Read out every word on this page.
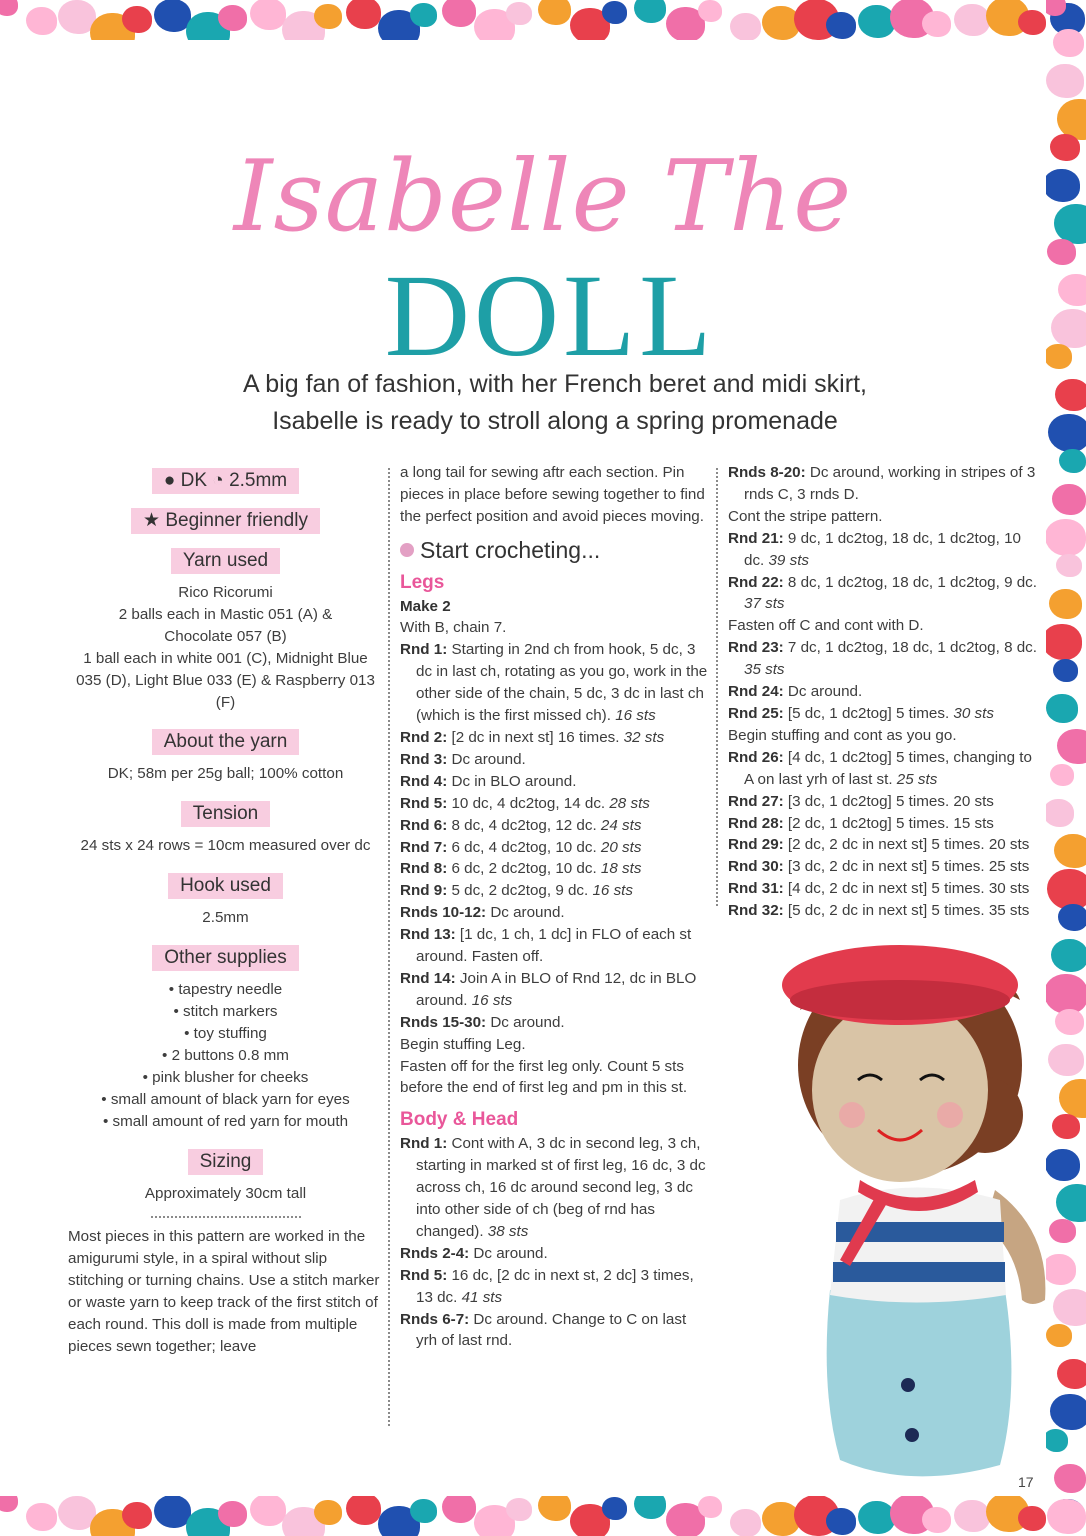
Isabelle The
DOLL
A big fan of fashion, with her French beret and midi skirt,
Isabelle is ready to stroll along a spring promenade
● DK ◔ 2.5mm
★ Beginner friendly
Yarn used
Rico Ricorumi
2 balls each in Mastic 051 (A) &
Chocolate 057 (B)
1 ball each in white 001 (C), Midnight Blue
035 (D), Light Blue 033 (E) & Raspberry 013 (F)
About the yarn
DK; 58m per 25g ball; 100% cotton
Tension
24 sts x 24 rows = 10cm measured over dc
Hook used
2.5mm
Other supplies
• tapestry needle
• stitch markers
• toy stuffing
• 2 buttons 0.8 mm
• pink blusher for cheeks
• small amount of black yarn for eyes
• small amount of red yarn for mouth
Sizing
Approximately 30cm tall
Most pieces in this pattern are worked in the amigurumi style, in a spiral without slip stitching or turning chains. Use a stitch marker or waste yarn to keep track of the first stitch of each round. This doll is made from multiple pieces sewn together; leave
a long tail for sewing aftr each section. Pin pieces in place before sewing together to find the perfect position and avoid pieces moving.
Start crocheting...
Legs
Make 2
With B, chain 7.

Rnd 1: Starting in 2nd ch from hook, 5 dc, 3 dc in last ch, rotating as you go, work in the other side of the chain, 5 dc, 3 dc in last ch (which is the first missed ch). 16 sts

Rnd 2: [2 dc in next st] 16 times. 32 sts

Rnd 3: Dc around.

Rnd 4: Dc in BLO around.

Rnd 5: 10 dc, 4 dc2tog, 14 dc. 28 sts

Rnd 6: 8 dc, 4 dc2tog, 12 dc. 24 sts

Rnd 7: 6 dc, 4 dc2tog, 10 dc. 20 sts

Rnd 8: 6 dc, 2 dc2tog, 10 dc. 18 sts

Rnd 9: 5 dc, 2 dc2tog, 9 dc. 16 sts

Rnds 10-12: Dc around.

Rnd 13: [1 dc, 1 ch, 1 dc] in FLO of each st around. Fasten off.

Rnd 14: Join A in BLO of Rnd 12, dc in BLO around. 16 sts

Rnds 15-30: Dc around.

Begin stuffing Leg.
Fasten off for the first leg only. Count 5 sts before the end of first leg and pm in this st.
Body & Head

Rnd 1: Cont with A, 3 dc in second leg, 3 ch, starting in marked st of first leg, 16 dc, 3 dc across ch, 16 dc around second leg, 3 dc into other side of ch (beg of rnd has changed). 38 sts

Rnds 2-4: Dc around.

Rnd 5: 16 dc, [2 dc in next st, 2 dc] 3 times, 13 dc. 41 sts

Rnds 6-7: Dc around. Change to C on last yrh of last rnd.

Rnds 8-20: Dc around, working in stripes of 3 rnds C, 3 rnds D.

Cont the stripe pattern.

Rnd 21: 9 dc, 1 dc2tog, 18 dc, 1 dc2tog, 10 dc. 39 sts

Rnd 22: 8 dc, 1 dc2tog, 18 dc, 1 dc2tog, 9 dc. 37 sts

Fasten off C and cont with D.

Rnd 23: 7 dc, 1 dc2tog, 18 dc, 1 dc2tog, 8 dc. 35 sts

Rnd 24: Dc around.

Rnd 25: [5 dc, 1 dc2tog] 5 times. 30 sts

Begin stuffing and cont as you go.

Rnd 26: [4 dc, 1 dc2tog] 5 times, changing to A on last yrh of last st. 25 sts

Rnd 27: [3 dc, 1 dc2tog] 5 times. 20 sts

Rnd 28: [2 dc, 1 dc2tog] 5 times. 15 sts

Rnd 29: [2 dc, 2 dc in next st] 5 times. 20 sts

Rnd 30: [3 dc, 2 dc in next st] 5 times. 25 sts

Rnd 31: [4 dc, 2 dc in next st] 5 times. 30 sts

Rnd 32: [5 dc, 2 dc in next st] 5 times. 35 sts

17
